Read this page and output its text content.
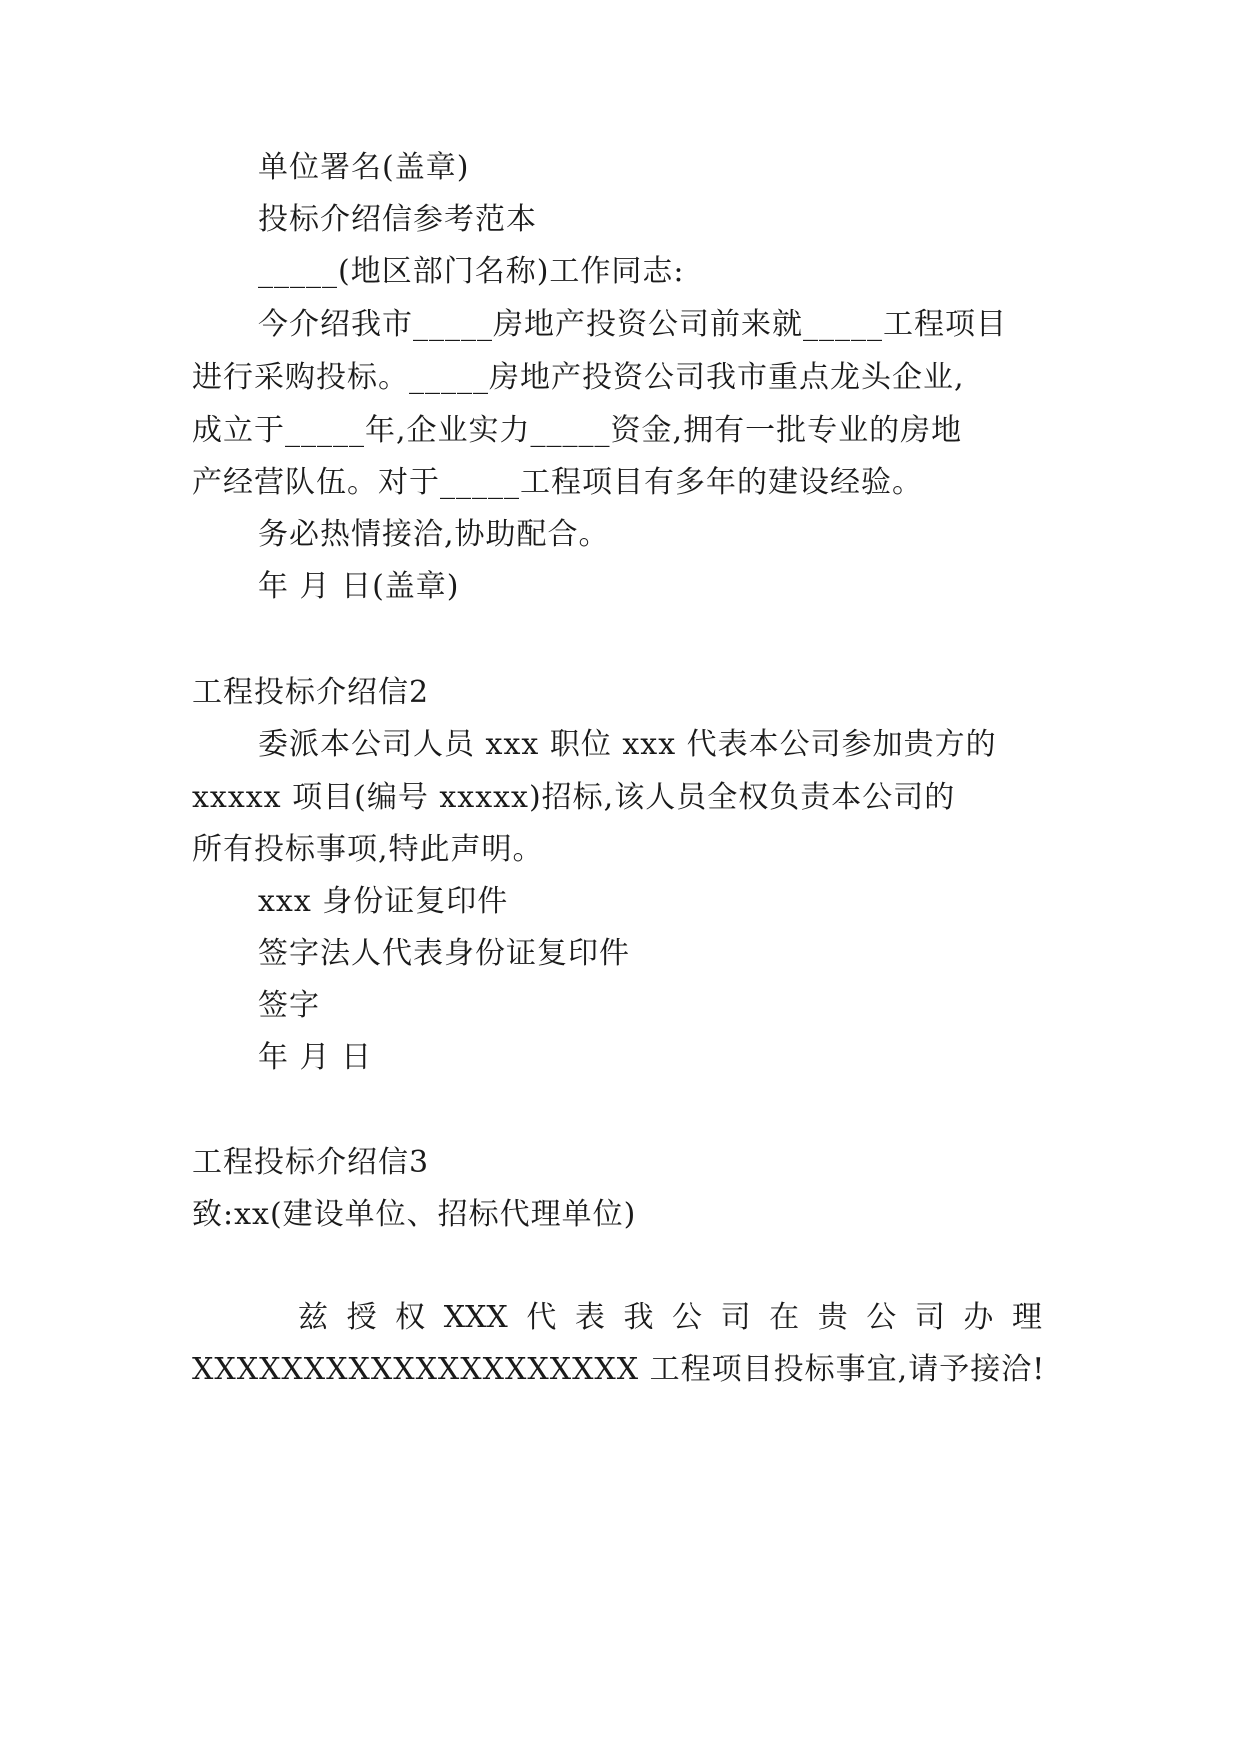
单位署名(盖章)
投标介绍信参考范本
_____(地区部门名称)工作同志:
今介绍我市_____房地产投资公司前来就_____工程项目
进行采购投标。_____房地产投资公司我市重点龙头企业,
成立于_____年,企业实力_____资金,拥有一批专业的房地
产经营队伍。对于_____工程项目有多年的建设经验。
务必热情接洽,协助配合。
年 月 日(盖章)
工程投标介绍信2
委派本公司人员 xxx 职位 xxx 代表本公司参加贵方的
xxxxx 项目(编号 xxxxx)招标,该人员全权负责本公司的
所有投标事项,特此声明。
xxx 身份证复印件
签字法人代表身份证复印件
签字
年 月 日
工程投标介绍信3
致:xx(建设单位、招标代理单位)
兹 授 权 XXX 代 表 我 公 司 在 贵 公 司 办 理
XXXXXXXXXXXXXXXXXXXX 工程项目投标事宜,请予接洽!
